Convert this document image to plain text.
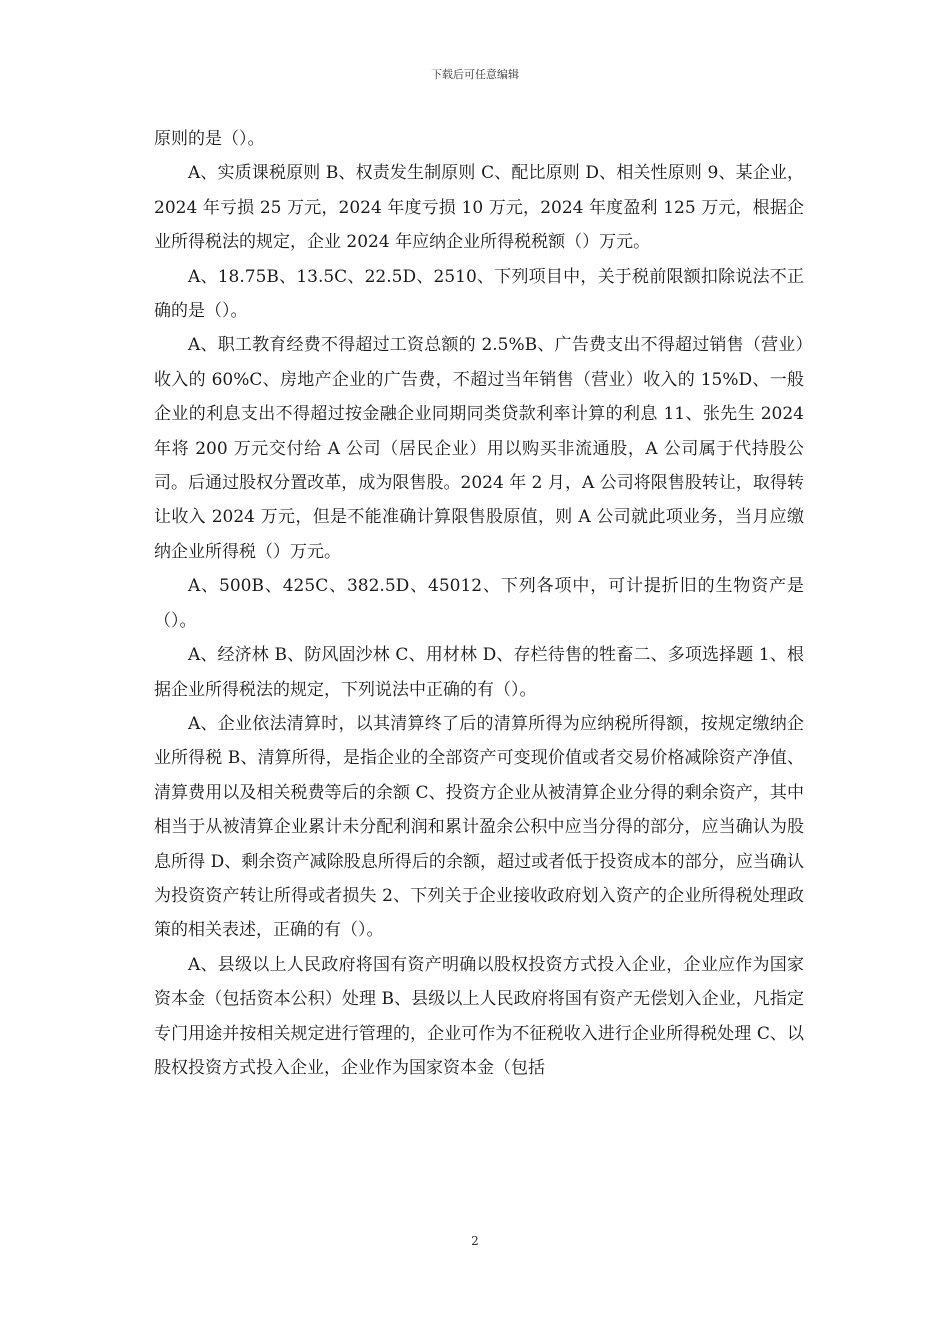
下载后可任意编辑

原则的是（）。

A、实质课税原则 B、权责发生制原则 C、配比原则 D、相关性原则 9、某企业，2024 年亏损 25 万元，2024 年度亏损 10 万元，2024 年度盈利 125 万元，根据企业所得税法的规定，企业 2024 年应纳企业所得税税额（）万元。

A、18.75B、13.5C、22.5D、2510、下列项目中，关于税前限额扣除说法不正确的是（）。

A、职工教育经费不得超过工资总额的 2.5%B、广告费支出不得超过销售（营业）收入的 60%C、房地产企业的广告费，不超过当年销售（营业）收入的 15%D、一般企业的利息支出不得超过按金融企业同期同类贷款利率计算的利息 11、张先生 2024 年将 200 万元交付给 A 公司（居民企业）用以购买非流通股，A 公司属于代持股公司。后通过股权分置改革，成为限售股。2024 年 2 月，A 公司将限售股转让，取得转让收入 2024 万元，但是不能准确计算限售股原值，则 A 公司就此项业务，当月应缴纳企业所得税（）万元。

A、500B、425C、382.5D、45012、下列各项中，可计提折旧的生物资产是（）。

A、经济林 B、防风固沙林 C、用材林 D、存栏待售的牲畜二、多项选择题 1、根据企业所得税法的规定，下列说法中正确的有（）。

A、企业依法清算时，以其清算终了后的清算所得为应纳税所得额，按规定缴纳企业所得税 B、清算所得，是指企业的全部资产可变现价值或者交易价格减除资产净值、清算费用以及相关税费等后的余额 C、投资方企业从被清算企业分得的剩余资产，其中相当于从被清算企业累计未分配利润和累计盈余公积中应当分得的部分，应当确认为股息所得 D、剩余资产减除股息所得后的余额，超过或者低于投资成本的部分，应当确认为投资资产转让所得或者损失 2、下列关于企业接收政府划入资产的企业所得税处理政策的相关表述，正确的有（）。

A、县级以上人民政府将国有资产明确以股权投资方式投入企业，企业应作为国家资本金（包括资本公积）处理 B、县级以上人民政府将国有资产无偿划入企业，凡指定专门用途并按相关规定进行管理的，企业可作为不征税收入进行企业所得税处理 C、以股权投资方式投入企业，企业作为国家资本金（包括

2
